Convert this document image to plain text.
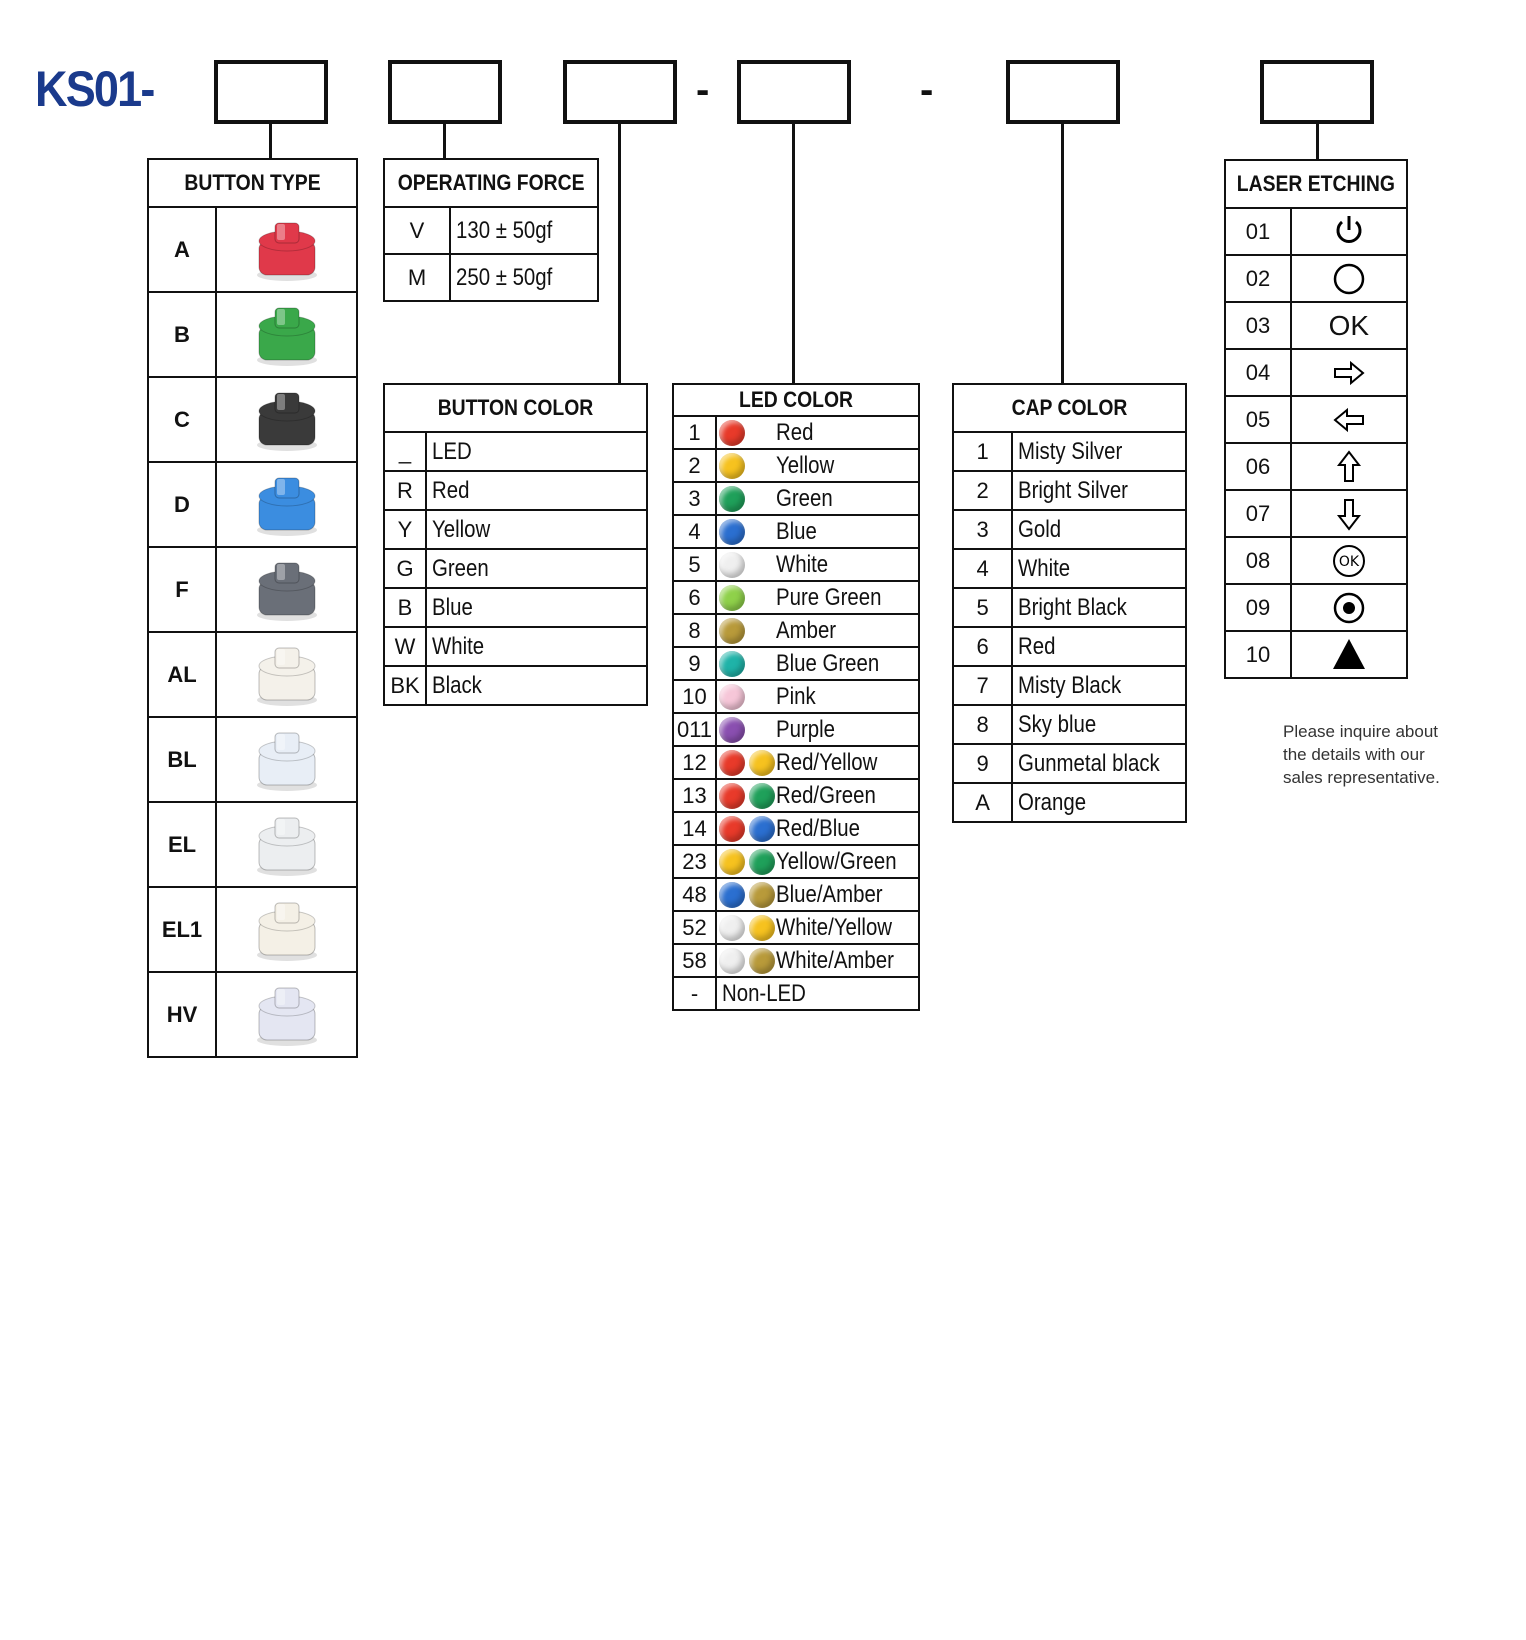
KS01-	-	-
BUTTON TYPE	

A	

B	

C	

D	

F	

AL	

BL	

EL	

EL1	

HV	
OPERATING FORCE	

V	130 ± 50gf
M	250 ± 50gf
BUTTON COLOR	

_	LED
R	Red
Y	Yellow
G	Green
B	Blue
W	White
BK	Black
LED COLOR		

1		Red
2		Yellow
3		Green
4		Blue
5		White
6		Pure Green
8		Amber
9		Blue Green
10		Pink
011		Purple
12		Red/Yellow
13		Red/Green
14		Red/Blue
23		Yellow/Green
48		Blue/Amber
52		White/Yellow
58		White/Amber
-	Non-LED	
CAP COLOR	

1	Misty Silver
2	Bright Silver
3	Gold
4	White
5	Bright Black
6	Red
7	Misty Black
8	Sky blue
9	Gunmetal black
A	Orange
LASER ETCHING	

01	
02	
03	OK
04	
05	
06	
07	
08	OK

09	
10	
Please inquire about the details with our sales representative.
